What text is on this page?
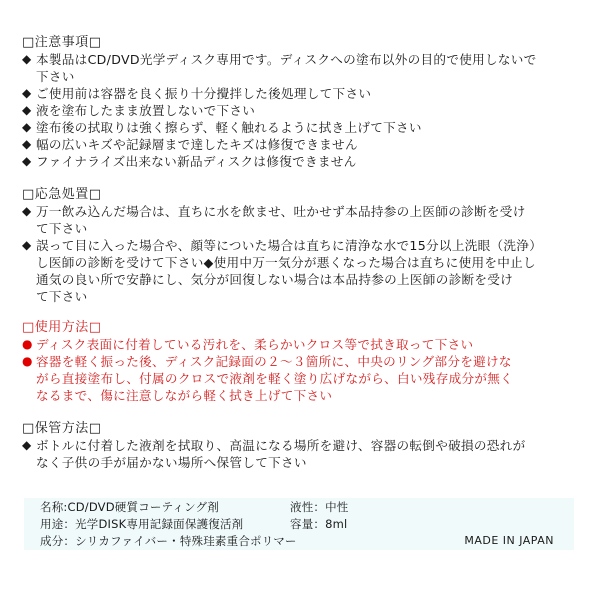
□注意事項□
◆ 本製品はCD/DVD光学ディスク専用です。ディスクへの塗布以外の目的で使用しないで
下さい
◆ ご使用前は容器を良く振り十分攪拌した後処理して下さい
◆ 液を塗布したまま放置しないで下さい
◆ 塗布後の拭取りは強く擦らず、軽く触れるように拭き上げて下さい
◆ 幅の広いキズや記録層まで達したキズは修復できません
◆ ファイナライズ出来ない新品ディスクは修復できません
□応急処置□
◆ 万一飲み込んだ場合は、直ちに水を飲ませ、吐かせず本品持参の上医師の診断を受け
て下さい
◆ 誤って目に入った場合や、顔等についた場合は直ちに清浄な水で15分以上洗眼（洗浄）
し医師の診断を受けて下さい◆使用中万一気分が悪くなった場合は直ちに使用を中止し
通気の良い所で安静にし、気分が回復しない場合は本品持参の上医師の診断を受け
て下さい
□使用方法□
● ディスク表面に付着している汚れを、柔らかいクロス等で拭き取って下さい
● 容器を軽く振った後、ディスク記録面の２～３箇所に、中央のリング部分を避けな
がら直接塗布し、付属のクロスで液剤を軽く塗り広げながら、白い残存成分が無く
なるまで、傷に注意しながら軽く拭き上げて下さい
□保管方法□
◆ ボトルに付着した液剤を拭取り、高温になる場所を避け、容器の転倒や破損の恐れが
なく子供の手が届かない場所へ保管して下さい
名称:CD/DVD硬質コーティング剤	液性：中性
用途：光学DISK専用記録面保護復活剤	容量：8ml
成分：シリカファイバー・特殊珪素重合ポリマー	MADE IN JAPAN
